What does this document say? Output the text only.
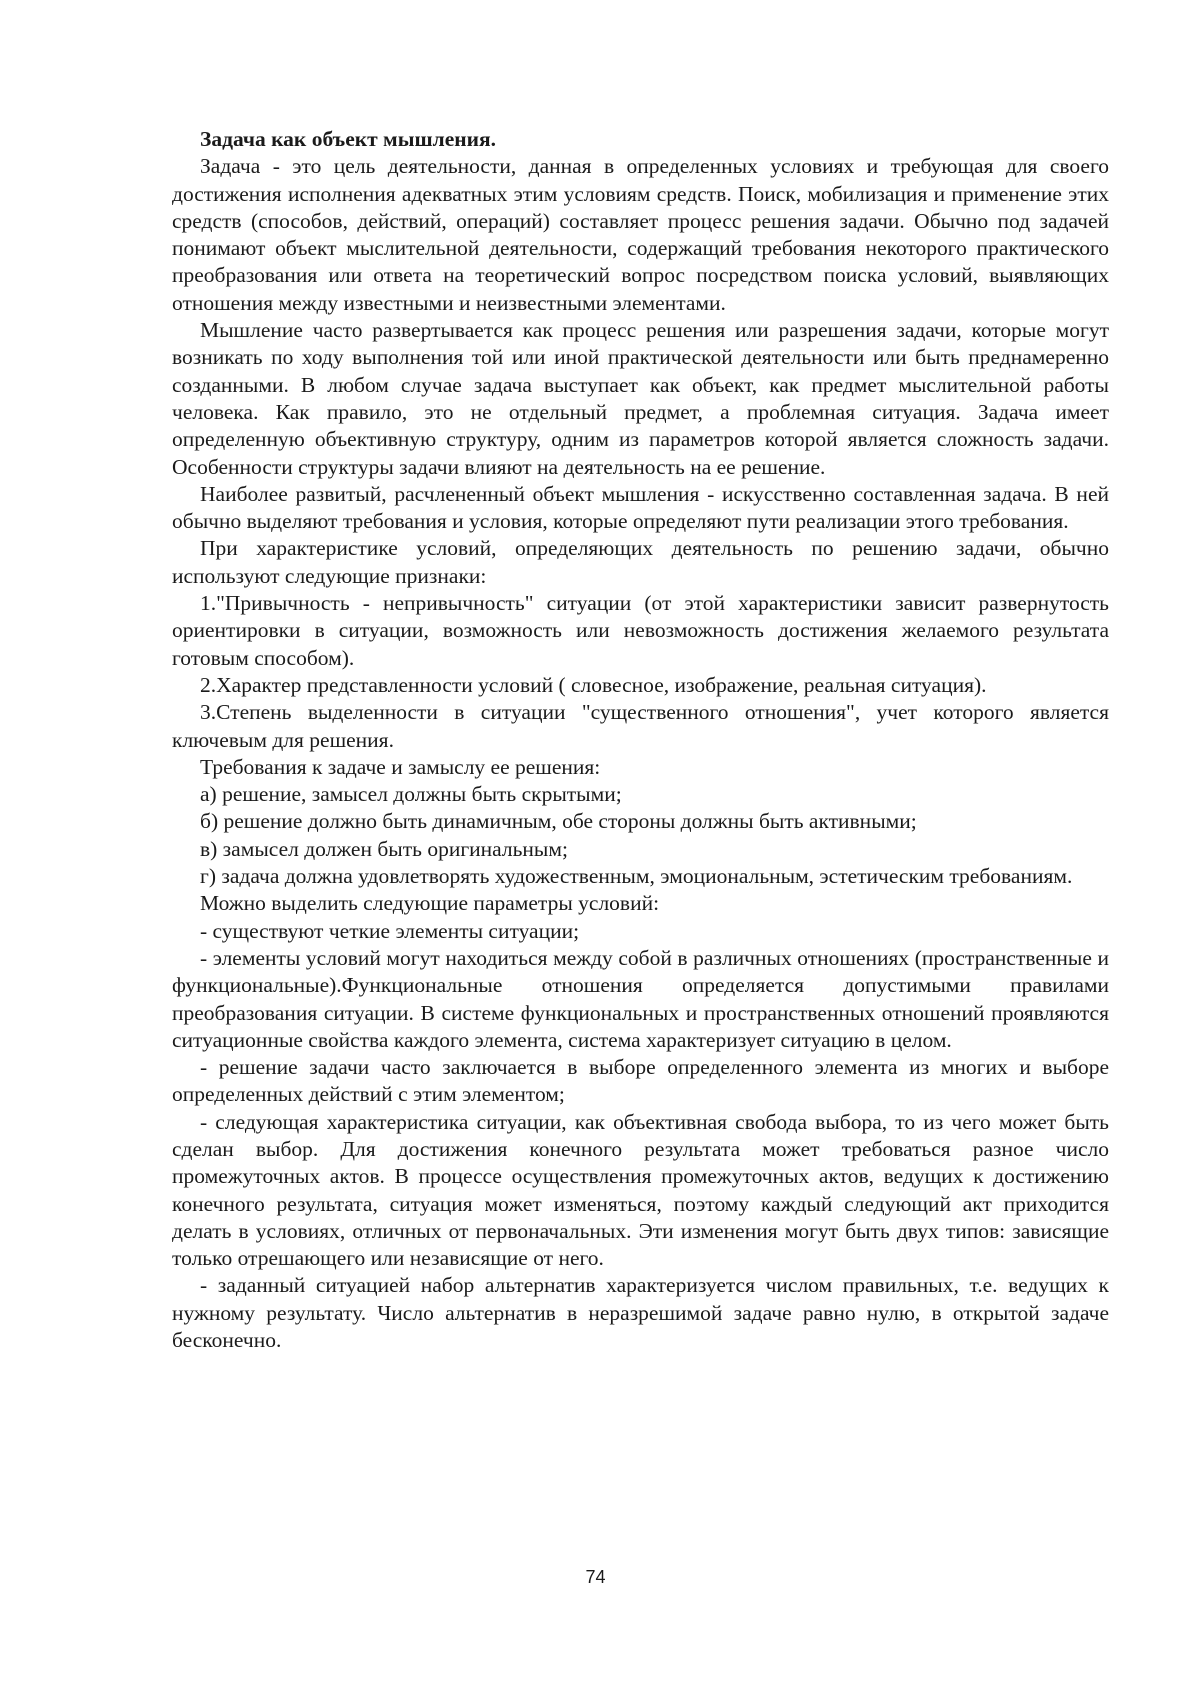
Задача как объект мышления.

Задача - это цель деятельности, данная в определенных условиях и требующая для своего достижения исполнения адекватных этим условиям средств. Поиск, мобилизация и применение этих средств (способов, действий, операций) составляет процесс решения задачи. Обычно под задачей понимают объект мыслительной деятельности, содержащий требования некоторого практического преобразования или ответа на теоретический вопрос посредством поиска условий, выявляющих отношения между известными и неизвестными элементами.

Мышление часто развертывается как процесс решения или разрешения задачи, которые могут возникать по ходу выполнения той или иной практической деятельности или быть преднамеренно созданными. В любом случае задача выступает как объект, как предмет мыслительной работы человека. Как правило, это не отдельный предмет, а проблемная ситуация. Задача имеет определенную объективную структуру, одним из параметров которой является сложность задачи. Особенности структуры задачи влияют на деятельность на ее решение.

Наиболее развитый, расчлененный объект мышления - искусственно составленная задача. В ней обычно выделяют требования и условия, которые определяют пути реализации этого требования.

При характеристике условий, определяющих деятельность по решению задачи, обычно используют следующие признаки:

1."Привычность - непривычность" ситуации (от этой характеристики зависит развернутость ориентировки в ситуации, возможность или невозможность достижения желаемого результата готовым способом).

2.Характер представленности условий ( словесное, изображение, реальная ситуация).

3.Степень выделенности в ситуации "существенного отношения", учет которого является ключевым для решения.

Требования к задаче и замыслу ее решения:

а) решение, замысел должны быть скрытыми;

б) решение должно быть динамичным, обе стороны должны быть активными;

в) замысел должен быть оригинальным;

г) задача должна удовлетворять художественным, эмоциональным, эстетическим требованиям.

Можно выделить следующие параметры условий:

- существуют четкие элементы ситуации;

- элементы условий могут находиться между собой в различных отношениях (пространственные и функциональные).Функциональные отношения определяется допустимыми правилами преобразования ситуации. В системе функциональных и пространственных отношений проявляются ситуационные свойства каждого элемента, система характеризует ситуацию в целом.

- решение задачи часто заключается в выборе определенного элемента из многих и выборе определенных действий с этим элементом;

- следующая характеристика ситуации, как объективная свобода выбора, то из чего может быть сделан выбор. Для достижения конечного результата может требоваться разное число промежуточных актов. В процессе осуществления промежуточных актов, ведущих к достижению конечного результата, ситуация может изменяться, поэтому каждый следующий акт приходится делать в условиях, отличных от первоначальных. Эти изменения могут быть двух типов: зависящие только отрешающего или независящие от него.

- заданный ситуацией набор альтернатив характеризуется числом правильных, т.е. ведущих к нужному результату. Число альтернатив в неразрешимой задаче равно нулю, в открытой задаче бесконечно.

74
